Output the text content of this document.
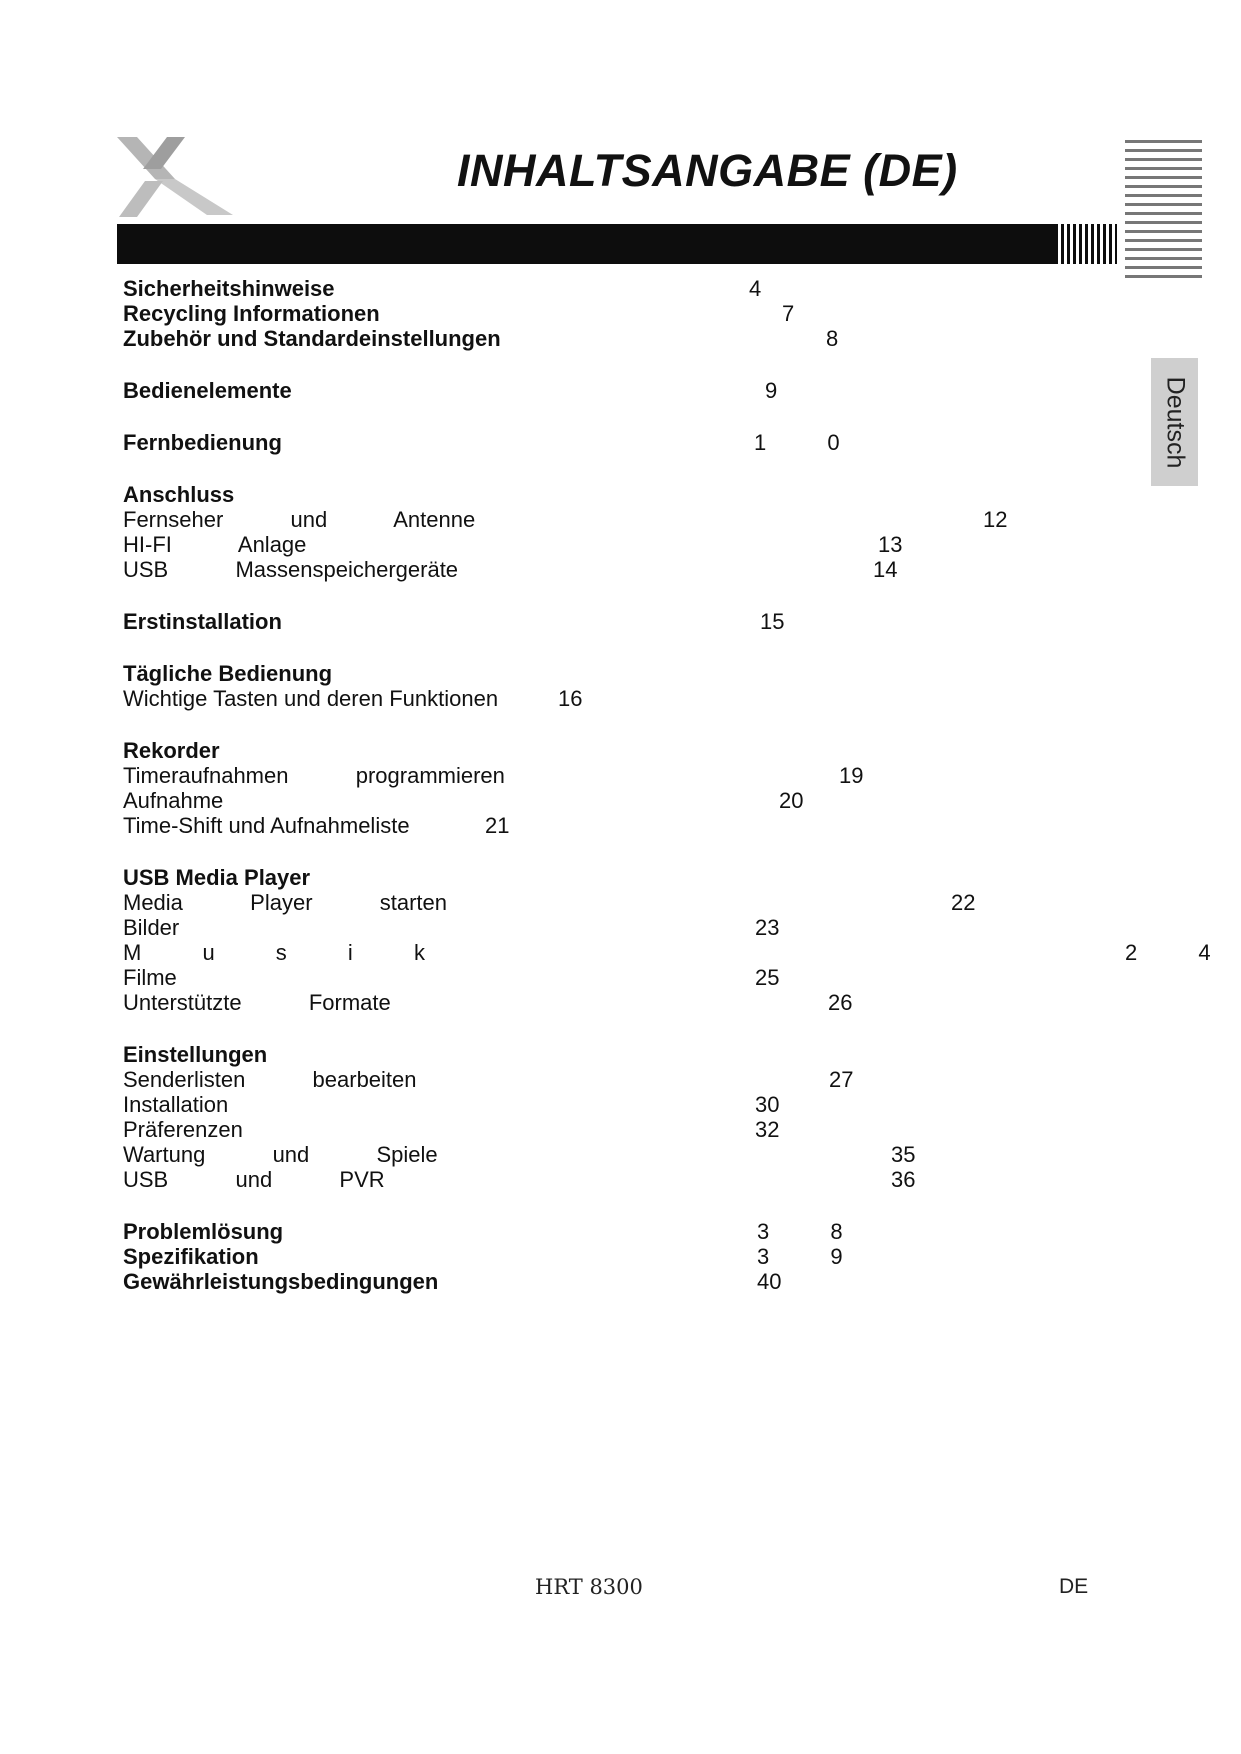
INHALTSANGABE (DE)
Deutsch
Sicherheitshinweise	4
Recycling Informationen	7
Zubehör und Standardeinstellungen	8
Bedienelemente	9
Fernbedienung	1          0
Anschluss
Fernseher           und           Antenne	12
HI-FI           Anlage	13
USB           Massenspeichergeräte	14
Erstinstallation	15
Tägliche Bedienung
Wichtige Tasten und deren Funktionen	16
Rekorder
Timeraufnahmen           programmieren	19
Aufnahme	20
Time-Shift und Aufnahmeliste	21
USB Media Player
Media           Player           starten	22
Bilder	23
M          u          s          i          k	2          4
Filme	25
Unterstützte           Formate	26
Einstellungen
Senderlisten           bearbeiten	27
Installation	30
Präferenzen	32
Wartung           und           Spiele	35
USB           und           PVR	36
Problemlösung	3          8
Spezifikation	3          9
Gewährleistungsbedingungen	40
HRT 8300	DE
